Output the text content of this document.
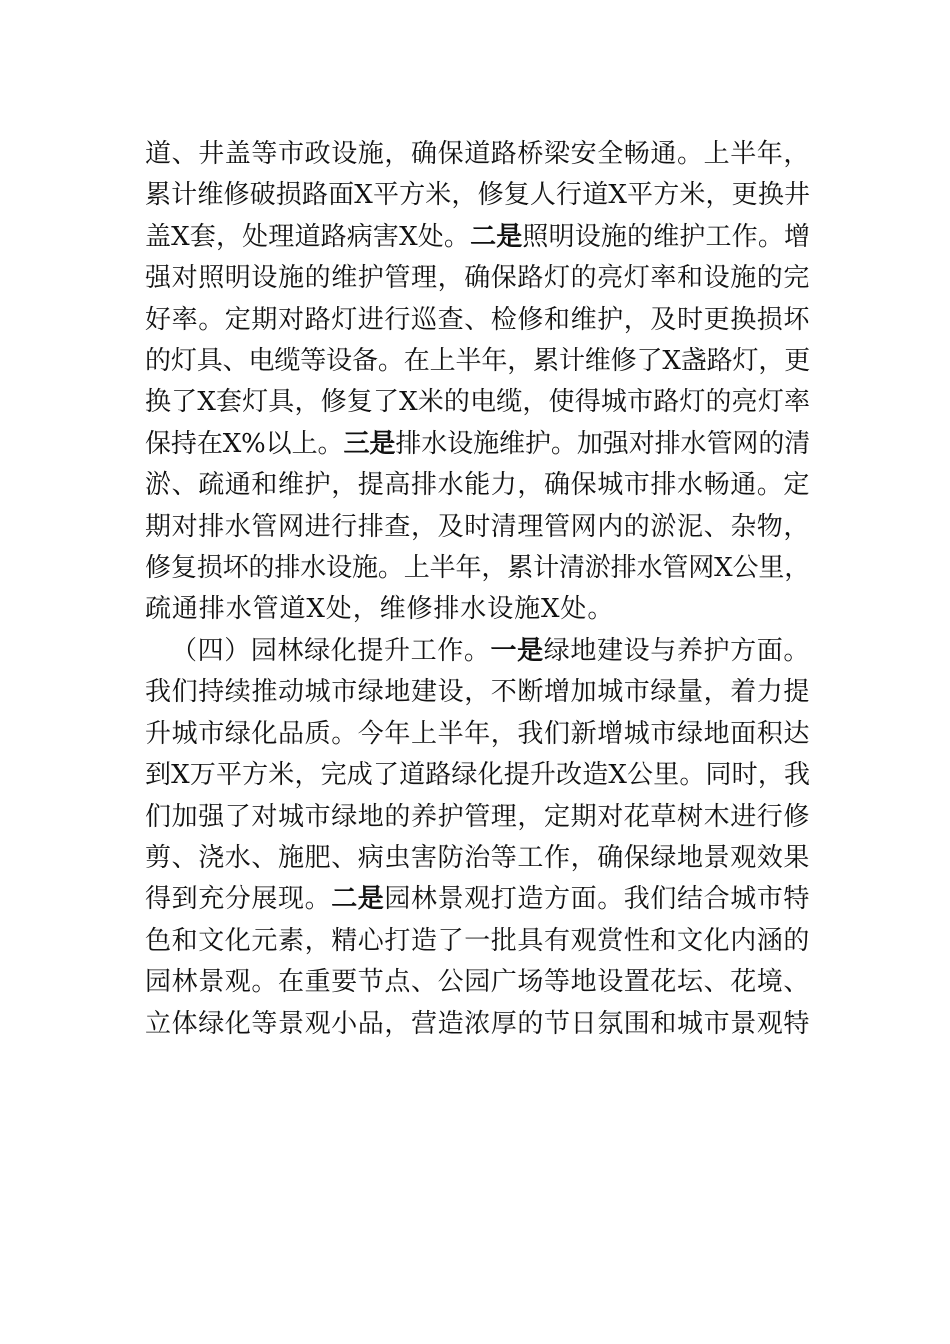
道、井盖等市政设施，确保道路桥梁安全畅通。上半年，
累计维修破损路面X平方米，修复人行道X平方米，更换井
盖X套，处理道路病害X处。二是照明设施的维护工作。增
强对照明设施的维护管理，确保路灯的亮灯率和设施的完
好率。定期对路灯进行巡查、检修和维护，及时更换损坏
的灯具、电缆等设备。在上半年，累计维修了X盏路灯，更
换了X套灯具，修复了X米的电缆，使得城市路灯的亮灯率
保持在X%以上。三是排水设施维护。加强对排水管网的清
淤、疏通和维护，提高排水能力，确保城市排水畅通。定
期对排水管网进行排查，及时清理管网内的淤泥、杂物，
修复损坏的排水设施。上半年，累计清淤排水管网X公里，
疏通排水管道X处，维修排水设施X处。
（四）园林绿化提升工作。一是绿地建设与养护方面。
我们持续推动城市绿地建设，不断增加城市绿量，着力提
升城市绿化品质。今年上半年，我们新增城市绿地面积达
到X万平方米，完成了道路绿化提升改造X公里。同时，我
们加强了对城市绿地的养护管理，定期对花草树木进行修
剪、浇水、施肥、病虫害防治等工作，确保绿地景观效果
得到充分展现。二是园林景观打造方面。我们结合城市特
色和文化元素，精心打造了一批具有观赏性和文化内涵的
园林景观。在重要节点、公园广场等地设置花坛、花境、
立体绿化等景观小品，营造浓厚的节日氛围和城市景观特
